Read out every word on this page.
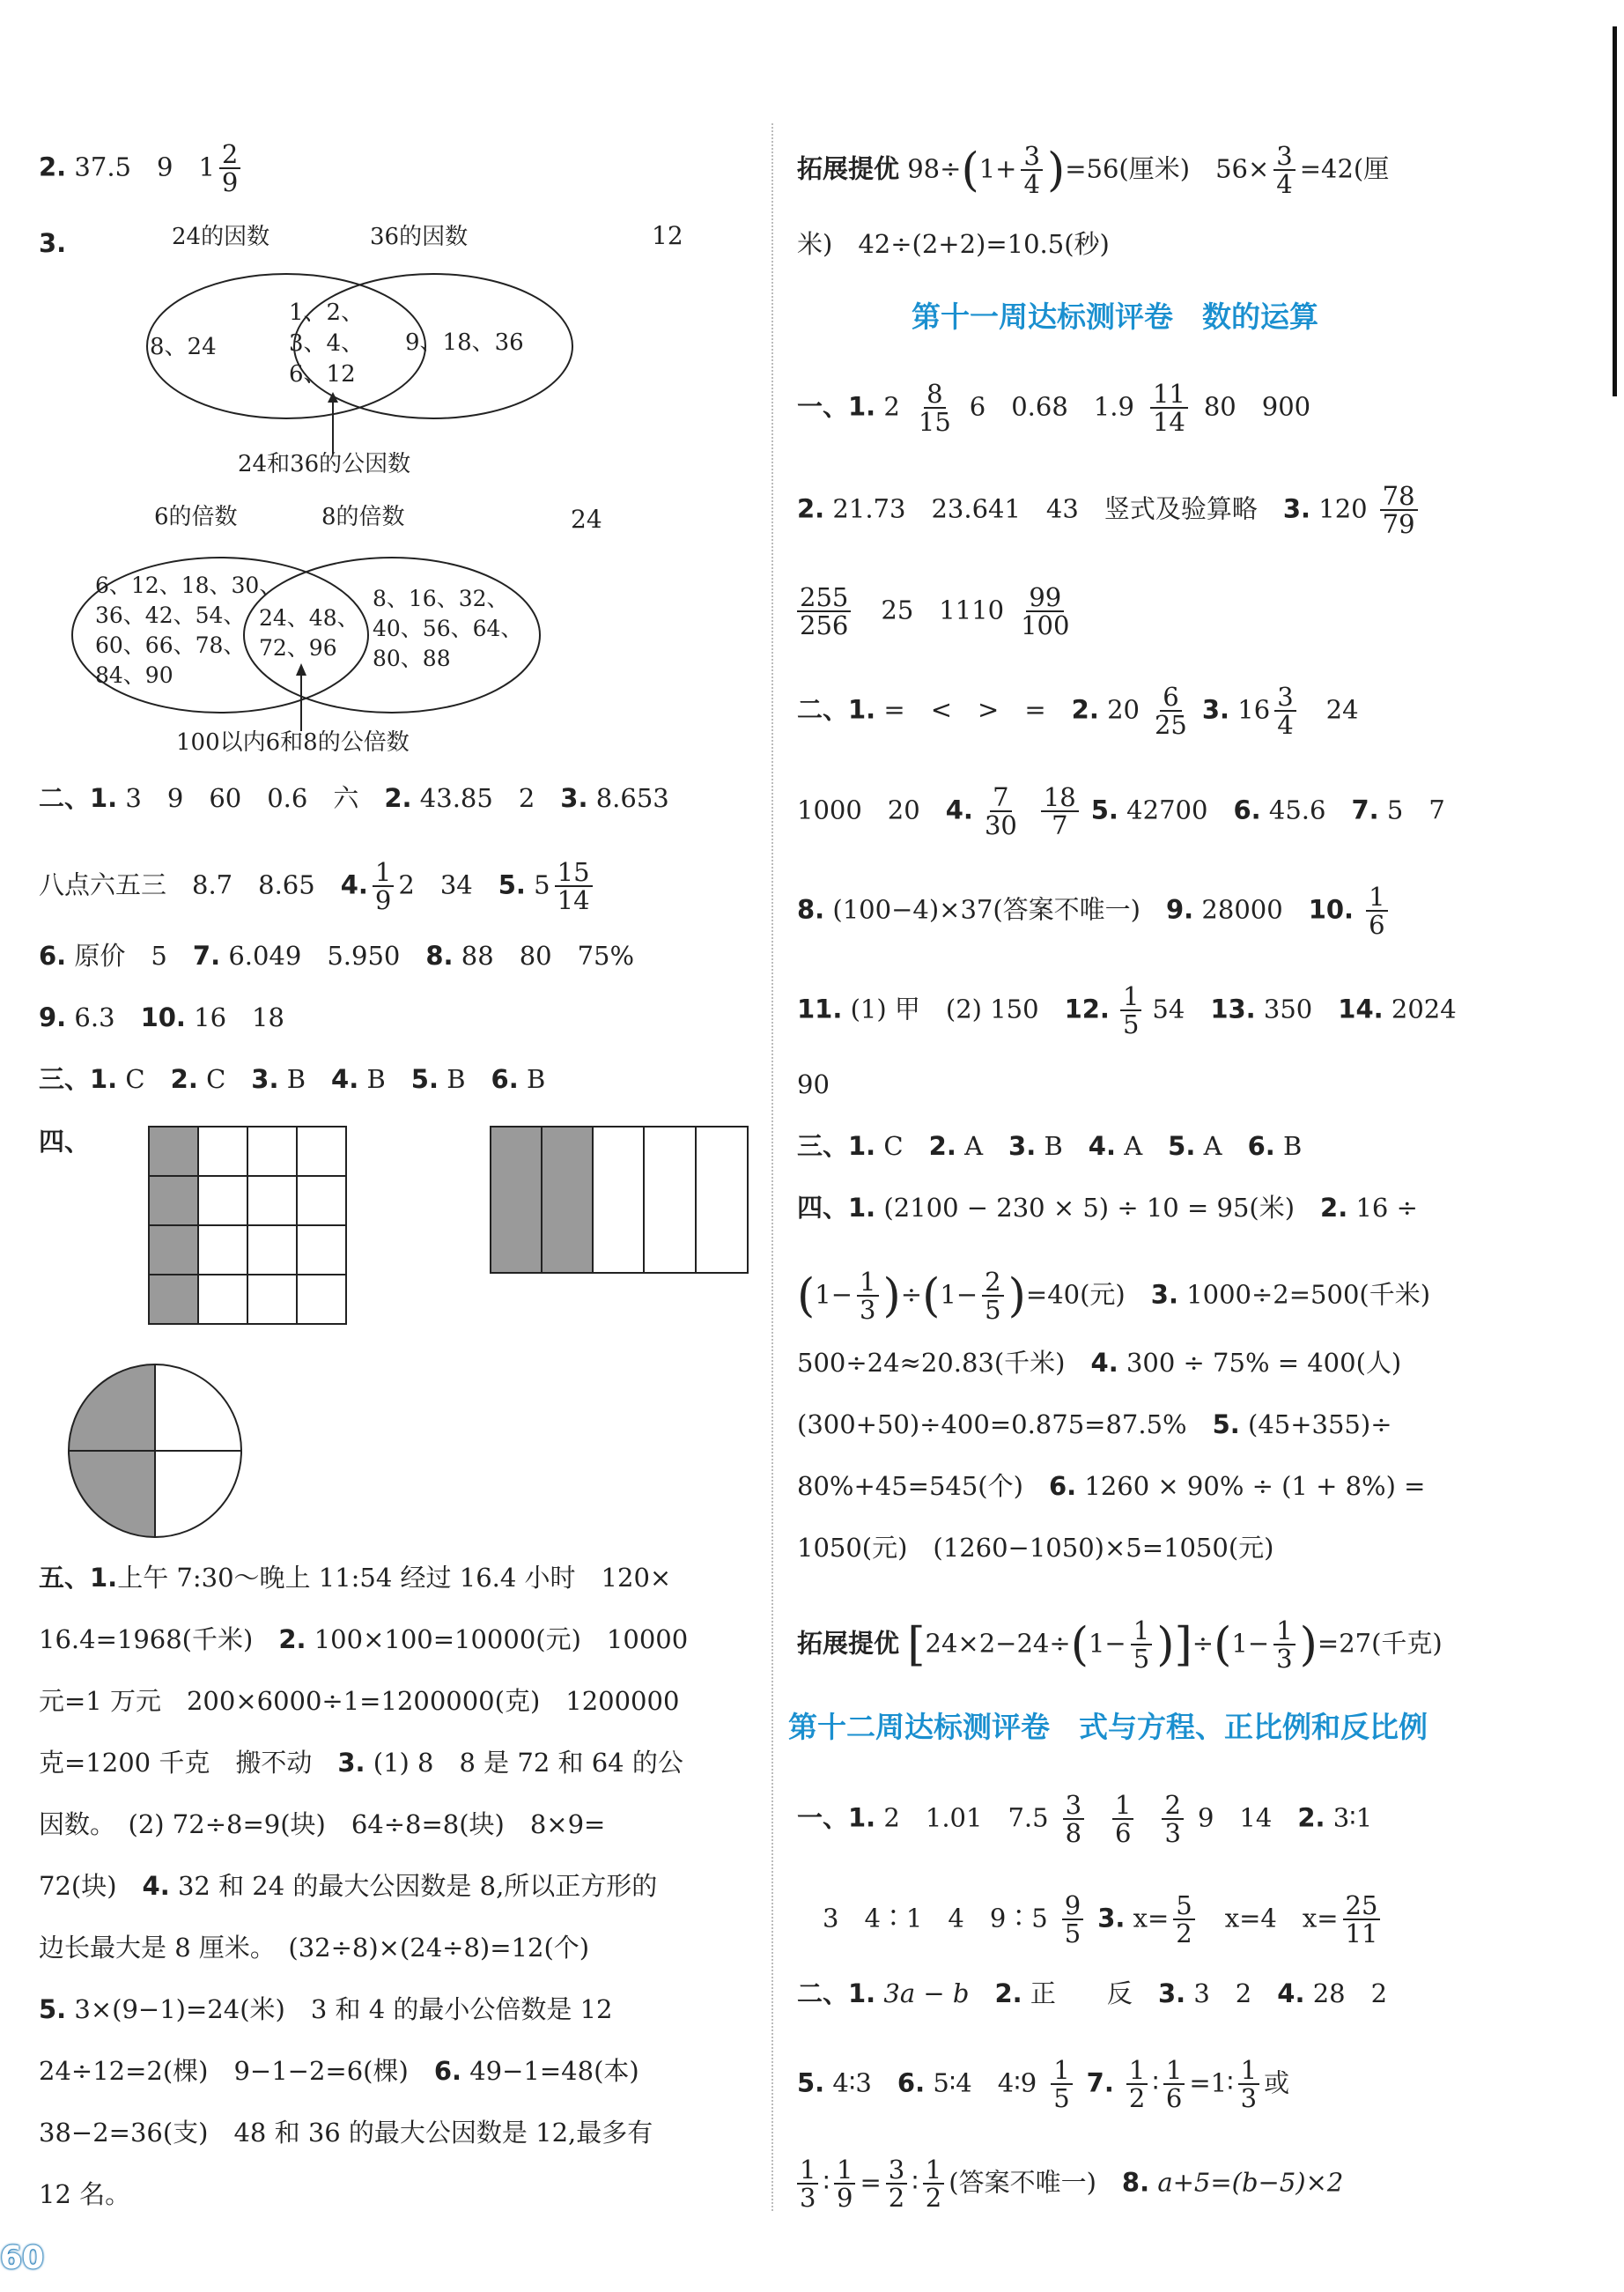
2. 37.5　9　$1 \frac{2}{9}$
3.	24的因数	36的因数	12
8、24
1、2、
3、4、
6、12
9、18、36
24和36的公因数
6的倍数	8的倍数	24
6、12、18、30、
36、42、54、
60、66、78、
84、90
24、48、
72、96
8、16、32、
40、56、64、
80、88
100以内6和8的公倍数
二、1. 3　9　60　0.6　六　 2. 43.85　2　 3. 8.653
八点六五三　8.7　8.65　 4. $\frac{1}{9} 2$　34　 5. $5 \frac{15}{14}$
6. 原价　5　 7. 6.049　5.950　 8. 88　80　75%
9. 6.3　 10. 16　18
三、1. C　 2. C　 3. B　 4. B　 5. B　 6. B
四、
五、1.上午 7:30～晚上 11:54 经过 16.4 小时　120×
16.4=1968(千米)　2. 100×100=10000(元)　10000
元=1 万元　200×6000÷1=1200000(克)　1200000
克=1200 千克　搬不动　3. (1) 8　8 是 72 和 64 的公
因数。　(2) 72÷8=9(块)　64÷8=8(块)　8×9=
72(块)　4. 32 和 24 的最大公因数是 8,所以正方形的
边长最大是 8 厘米。　(32÷8)×(24÷8)=12(个)
5. 3×(9−1)=24(米)　3 和 4 的最小公倍数是 12
24÷12=2(棵)　9−1−2=6(棵)　6. 49−1=48(本)
38−2=36(支)　48 和 36 的最大公因数是 12,最多有
12 名。
拓展提优 $98\div(1+ \frac{3}{4} )=56$(厘米)　$56\times \frac{3}{4} =42$(厘
米)　42÷(2+2)=10.5(秒)
第十一周达标测评卷　数的运算
一、1. $2 \frac{8}{15} 6$　0.68　$1.9 \frac{11}{14} 80$　900
2. 21.73　23.641　43　竖式及验算略　 3. $120 \frac{78}{79}$
$\frac{255}{256}$
　 25　$1110 \frac{99}{100}$
二、1. =　<　>　=　 2. $20 \frac{6}{25} 3$. $16 \frac{3}{4}$
　 24
1000　20　 4. $\frac{7}{30} \frac{18}{7} 5$. 42700　 6. 45.6　 7. 5　7
8. (100−4)×37(答案不唯一)　 9. 28000　 10. $\frac{1}{6}$
11. (1) 甲　(2) 150　 12. $\frac{1}{5} 54$　 13. 350　 14. 2024
90
三、1. C　 2. A　 3. B　 4. A　 5. A　 6. B
四、1. (2100 − 230 × 5) ÷ 10 = 95(米)　 2. 16 ÷
$(1- \frac{1}{3} )\div(1- \frac{2}{5} )=40$(元)　 3. 1000÷2=500(千米)
500÷24≈20.83(千米)　 4. 300 ÷ 75% = 400(人)
(300+50)÷400=0.875=87.5%　 5. (45+355)÷
80%+45=545(个)　 6. 1260 × 90% ÷ (1 + 8%) =
1050(元)　(1260−1050)×5=1050(元)
拓展提优 $[24\times 2-24\div(1- \frac{1}{5} )]\div(1- \frac{1}{3} )=27$(千克)
第十二周达标测评卷　式与方程、正比例和反比例
一、1. 2　1.01　$7.5 \frac{3}{8} \frac{1}{6} \frac{2}{3} 9$　14　 2. 3∶1
　3　4∶1　4　9∶5 $\frac{9}{5} 3$. $x= \frac{5}{2}$
　 x=4　$x= \frac{25}{11}$
二、1. 3a − b　 2. 正　　反　 3. 3　2　 4. 28　2
5. 4∶3　 6. 5∶4　4∶9 $\frac{1}{5} 7$. $\frac{1}{2}$ ∶ $\frac{1}{6}$ =1∶ $\frac{1}{3}$ 或
$\frac{1}{3}$ ∶ $\frac{1}{9} = \frac{3}{2}$ ∶ $\frac{1}{2}$ (答案不唯一)　 8. a+5=(b−5)×2
60
